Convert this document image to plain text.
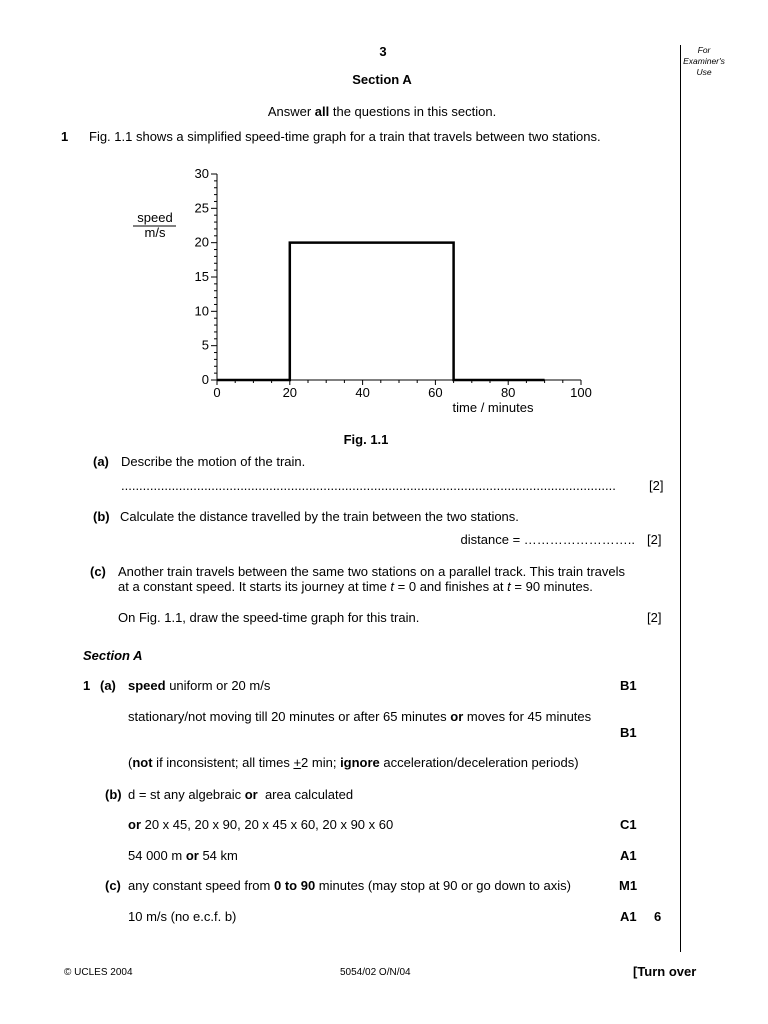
3	For Examiner's Use
Section A
Answer all the questions in this section.
1 Fig. 1.1 shows a simplified speed-time graph for a train that travels between two stations.
0	20	40	60	80	100
0
5
10
15
20
25
30
speed
m/s
time / minutes
Fig. 1.1
(a) Describe the motion of the train.
.........................................................................................................................................	[2]
(b) Calculate the distance travelled by the train between the two stations.
distance = …………………….. [2]
(c) Another train travels between the same two stations on a parallel track. This train travels
at a constant speed. It starts its journey at time t = 0 and finishes at t = 90 minutes.
On Fig. 1.1, draw the speed-time graph for this train.	[2]
Section A
1 (a) speed uniform or 20 m/s	B1
stationary/not moving till 20 minutes or after 65 minutes or moves for 45 minutes
B1
(not if inconsistent; all times +2 min; ignore acceleration/deceleration periods)
(b) d = st any algebraic or  area calculated
or 20 x 45, 20 x 90, 20 x 45 x 60, 20 x 90 x 60	C1
54 000 m or 54 km	A1
(c) any constant speed from 0 to 90 minutes (may stop at 90 or go down to axis)	M1
10 m/s (no e.c.f. b)	A1 6
© UCLES 2004	5054/02 O/N/04	[Turn over
